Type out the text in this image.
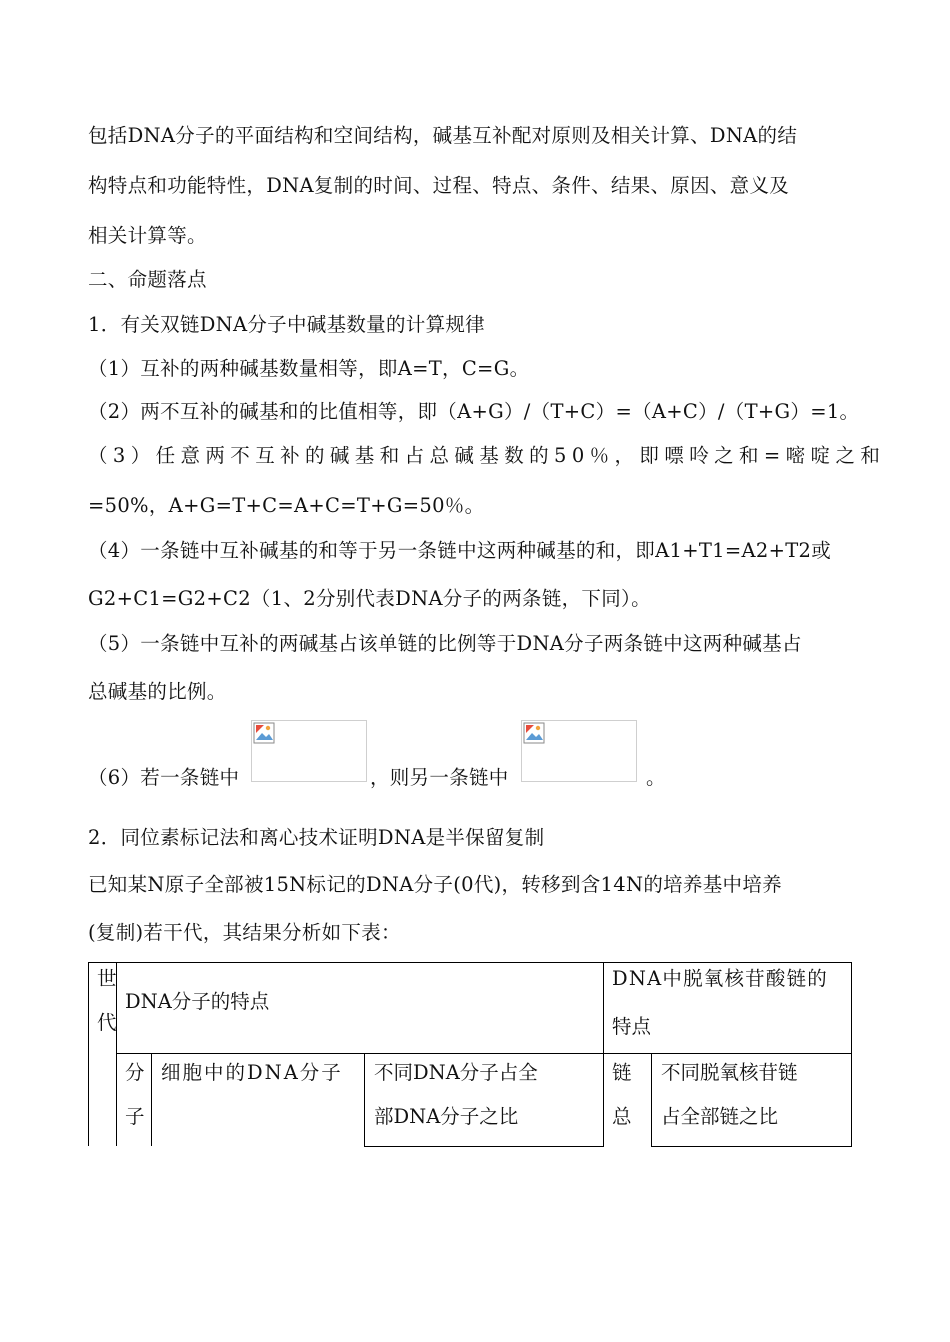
包括DNA分子的平面结构和空间结构，碱基互补配对原则及相关计算、DNA的结
构特点和功能特性，DNA复制的时间、过程、特点、条件、结果、原因、意义及
相关计算等。
二、命题落点
1．有关双链DNA分子中碱基数量的计算规律
（1）互补的两种碱基数量相等，即A=T，C=G。
（2）两不互补的碱基和的比值相等，即（A+G）/（T+C）=（A+C）/（T+G）=1。
（3）任意两不互补的碱基和占总碱基数的50％，即嘌呤之和=嘧啶之和
=50%，A+G=T+C=A+C=T+G=50％。
（4）一条链中互补碱基的和等于另一条链中这两种碱基的和，即A1+T1=A2+T2或
G2+C1=G2+C2（1、2分别代表DNA分子的两条链，下同）。
（5）一条链中互补的两碱基占该单链的比例等于DNA分子两条链中这两种碱基占
总碱基的比例。
（6）若一条链中	，则另一条链中	。
2．同位素标记法和离心技术证明DNA是半保留复制
已知某N原子全部被15N标记的DNA分子(0代)，转移到含14N的培养基中培养
(复制)若干代，其结果分析如下表：
世
代
DNA分子的特点
DNA中脱氧核苷酸链的
特点
分
子
细胞中的DNA分子 不同DNA分子占全
部DNA分子之比
链
总
不同脱氧核苷链
占全部链之比
